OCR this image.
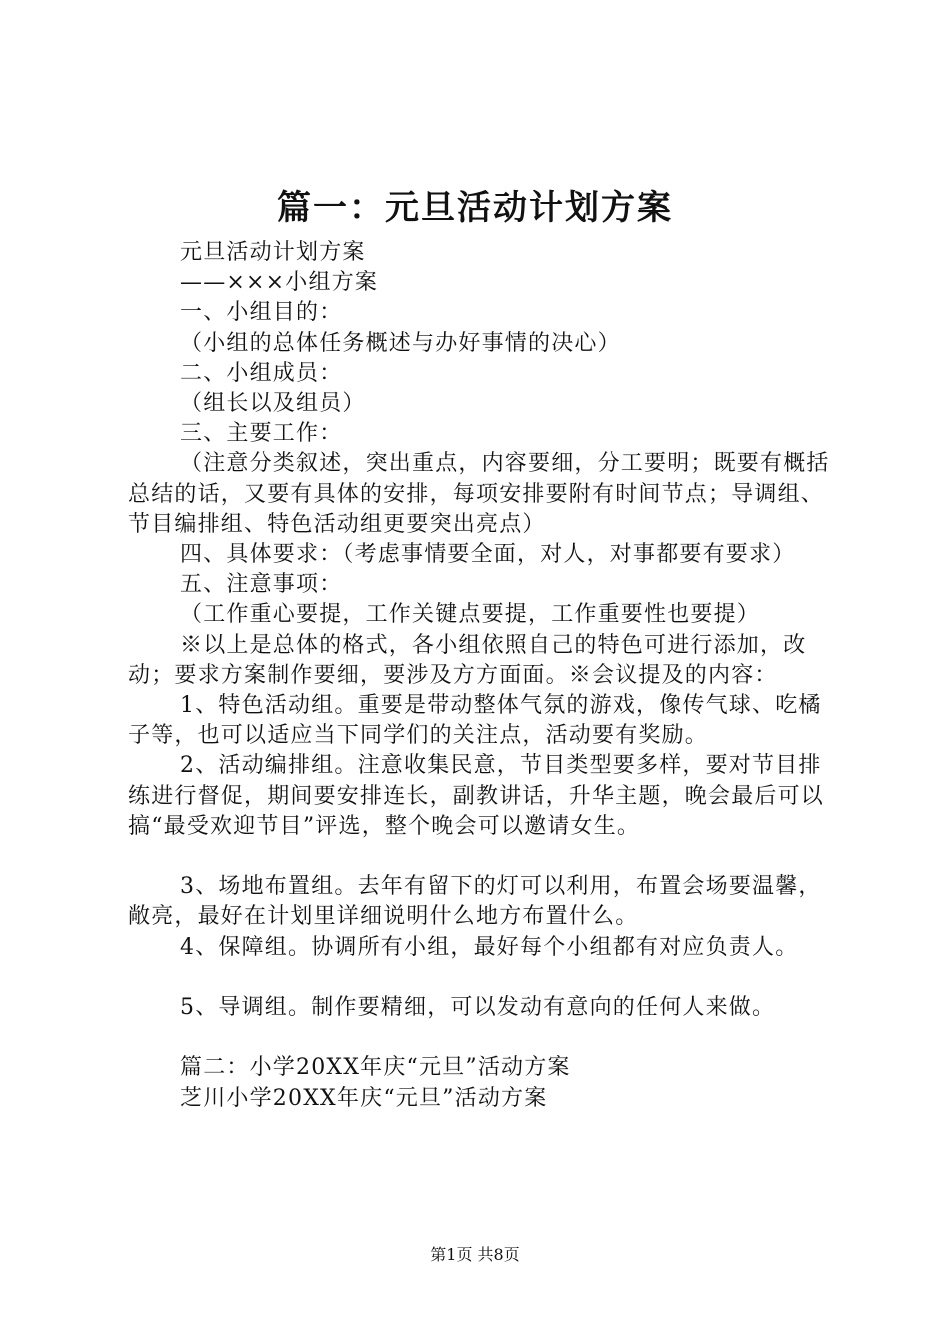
篇一：元旦活动计划方案

元旦活动计划方案

——×××小组方案

一、小组目的：

（小组的总体任务概述与办好事情的决心）

二、小组成员：

（组长以及组员）

三、主要工作：

（注意分类叙述，突出重点，内容要细，分工要明；既要有概括总结的话，又要有具体的安排，每项安排要附有时间节点；导调组、节目编排组、特色活动组更要突出亮点）

四、具体要求：（考虑事情要全面，对人，对事都要有要求）

五、注意事项：

（工作重心要提，工作关键点要提，工作重要性也要提）

※以上是总体的格式，各小组依照自己的特色可进行添加，改动；要求方案制作要细，要涉及方方面面。※会议提及的内容：

1、特色活动组。重要是带动整体气氛的游戏，像传气球、吃橘子等，也可以适应当下同学们的关注点，活动要有奖励。

2、活动编排组。注意收集民意，节目类型要多样，要对节目排练进行督促，期间要安排连长，副教讲话，升华主题，晚会最后可以搞“最受欢迎节目”评选，整个晚会可以邀请女生。

3、场地布置组。去年有留下的灯可以利用，布置会场要温馨，敞亮，最好在计划里详细说明什么地方布置什么。

4、保障组。协调所有小组，最好每个小组都有对应负责人。

5、导调组。制作要精细，可以发动有意向的任何人来做。

篇二：小学20XX年庆“元旦”活动方案

芝川小学20XX年庆“元旦”活动方案

第1页 共8页
